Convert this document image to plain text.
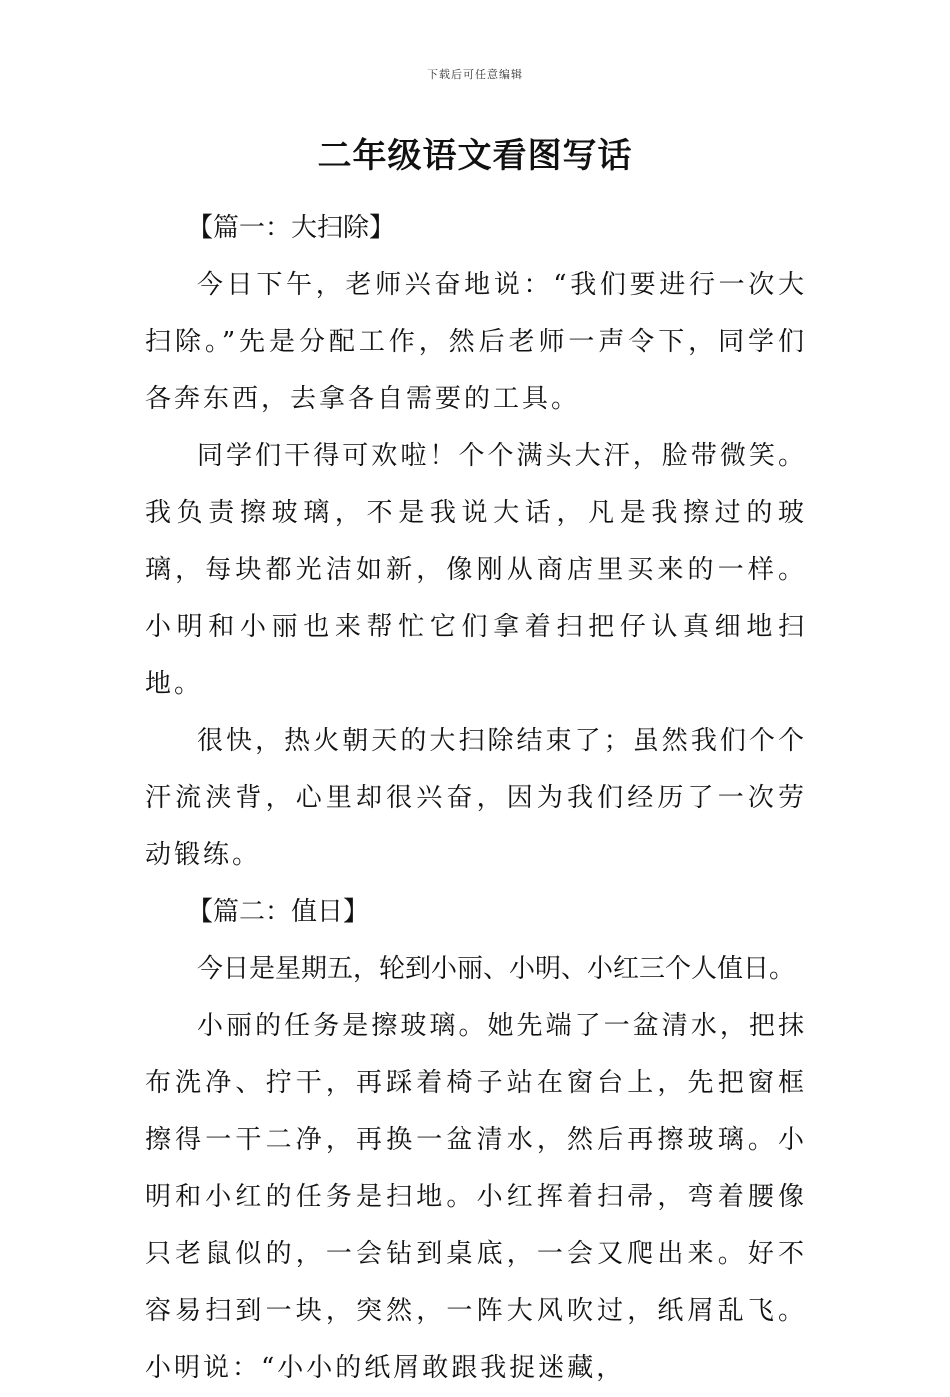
下载后可任意编辑
二年级语文看图写话
【篇一：大扫除】

今日下午，老师兴奋地说：“我们要进行一次大扫除。”先是分配工作，然后老师一声令下，同学们各奔东西，去拿各自需要的工具。

同学们干得可欢啦！个个满头大汗，脸带微笑。我负责擦玻璃，不是我说大话，凡是我擦过的玻璃，每块都光洁如新，像刚从商店里买来的一样。小明和小丽也来帮忙它们拿着扫把仔认真细地扫地。

很快，热火朝天的大扫除结束了；虽然我们个个汗流浃背，心里却很兴奋，因为我们经历了一次劳动锻练。

【篇二：值日】

今日是星期五，轮到小丽、小明、小红三个人值日。

小丽的任务是擦玻璃。她先端了一盆清水，把抹布洗净、拧干，再踩着椅子站在窗台上，先把窗框擦得一干二净，再换一盆清水，然后再擦玻璃。小明和小红的任务是扫地。小红挥着扫帚，弯着腰像只老鼠似的，一会钻到桌底，一会又爬出来。好不容易扫到一块，突然，一阵大风吹过，纸屑乱飞。小明说：“小小的纸屑敢跟我捉迷藏，
